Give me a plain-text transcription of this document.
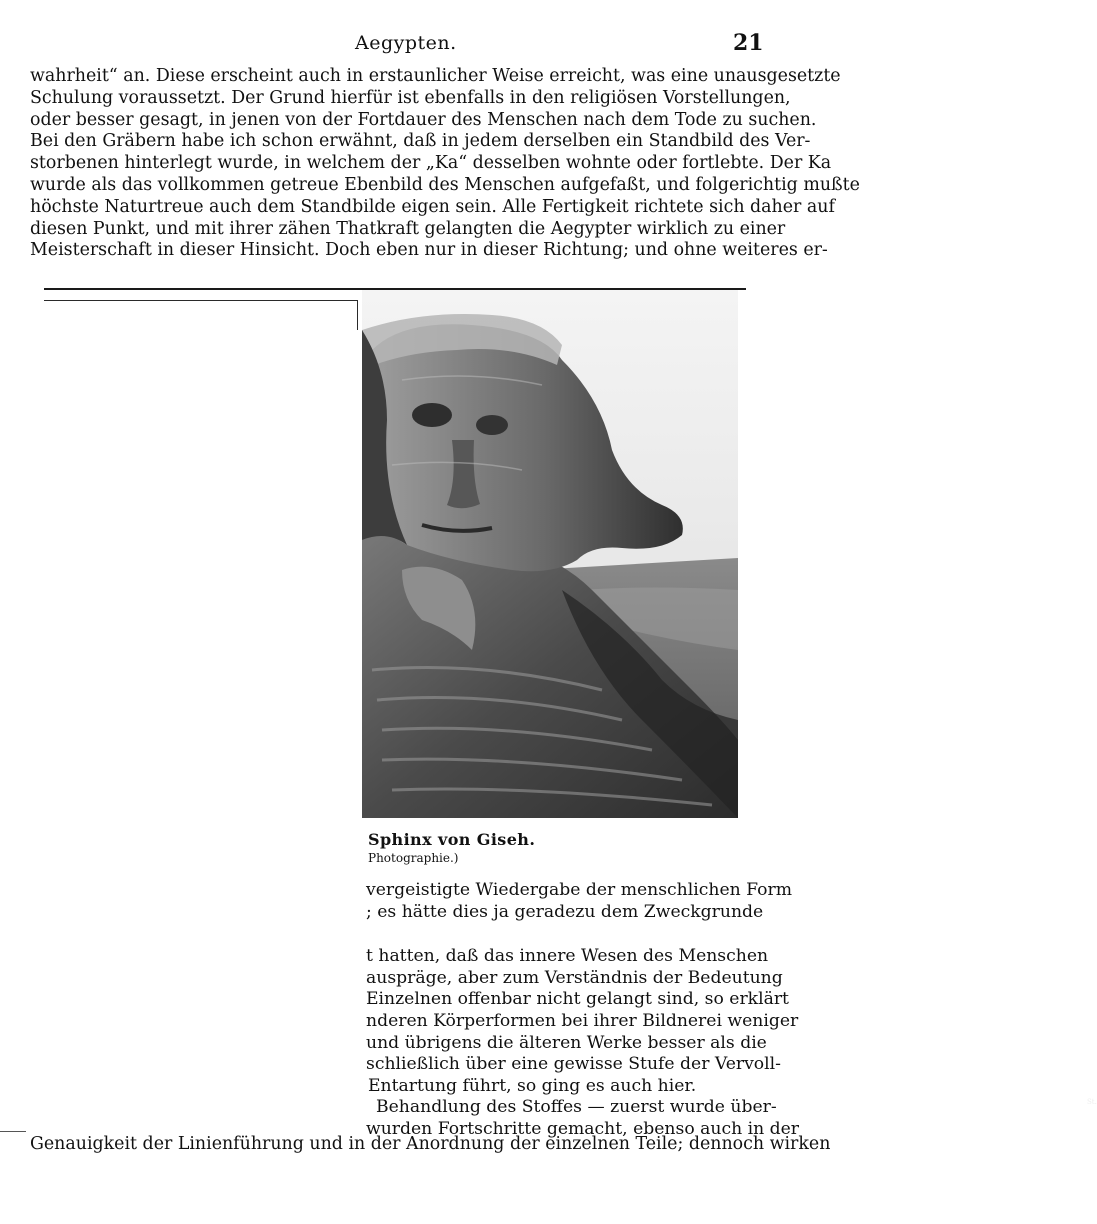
Aegypten.	21
wahrheit“ an. Diese erscheint auch in erstaunlicher Weise erreicht, was eine unausgesetzte
Schulung voraussetzt. Der Grund hierfür ist ebenfalls in den religiösen Vorstellungen,
oder besser gesagt, in jenen von der Fortdauer des Menschen nach dem Tode zu suchen.
Bei den Gräbern habe ich schon erwähnt, daß in jedem derselben ein Standbild des Ver-
storbenen hinterlegt wurde, in welchem der „Ka“ desselben wohnte oder fortlebte. Der Ka
wurde als das vollkommen getreue Ebenbild des Menschen aufgefaßt, und folgerichtig mußte
höchste Naturtreue auch dem Standbilde eigen sein. Alle Fertigkeit richtete sich daher auf
diesen Punkt, und mit ihrer zähen Thatkraft gelangten die Aegypter wirklich zu einer
Meisterschaft in dieser Hinsicht. Doch eben nur in dieser Richtung; und ohne weiteres er-
St.
Sphinx von Giseh.
Photographie.)
vergeistigte Wiedergabe der menschlichen Form
; es hätte dies ja geradezu dem Zweckgrunde
t hatten, daß das innere Wesen des Menschen
auspräge, aber zum Verständnis der Bedeutung
Einzelnen offenbar nicht gelangt sind, so erklärt
nderen Körperformen bei ihrer Bildnerei weniger
und übrigens die älteren Werke besser als die
schließlich über eine gewisse Stufe der Vervoll-
Entartung führt, so ging es auch hier.
Behandlung des Stoffes — zuerst wurde über-
wurden Fortschritte gemacht, ebenso auch in der
Genauigkeit der Linienführung und in der Anordnung der einzelnen Teile; dennoch wirken
